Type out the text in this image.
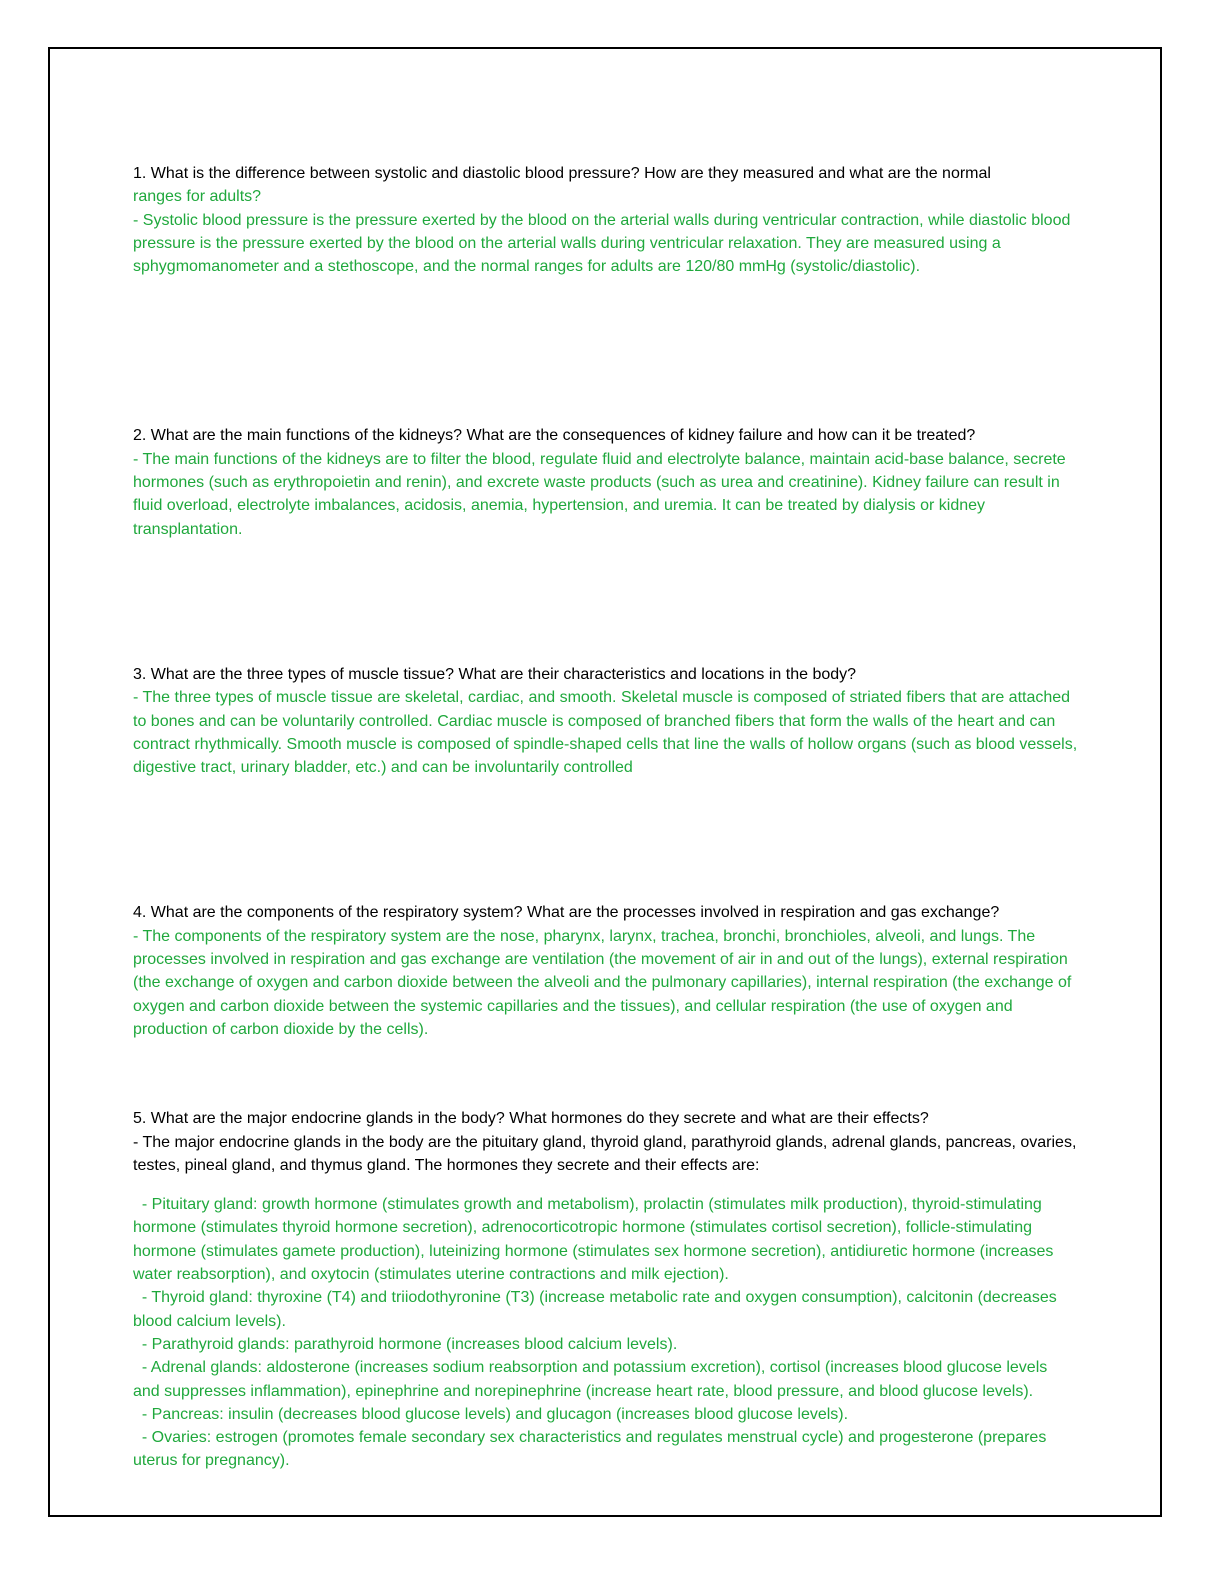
1. What is the difference between systolic and diastolic blood pressure? How are they measured and what are the normal
ranges for adults?

- Systolic blood pressure is the pressure exerted by the blood on the arterial walls during ventricular contraction, while diastolic blood pressure is the pressure exerted by the blood on the arterial walls during ventricular relaxation. They are measured using a sphygmomanometer and a stethoscope, and the normal ranges for adults are 120/80 mmHg (systolic/diastolic).

2. What are the main functions of the kidneys? What are the consequences of kidney failure and how can it be treated?

- The main functions of the kidneys are to filter the blood, regulate fluid and electrolyte balance, maintain acid-base balance, secrete hormones (such as erythropoietin and renin), and excrete waste products (such as urea and creatinine). Kidney failure can result in fluid overload, electrolyte imbalances, acidosis, anemia, hypertension, and uremia. It can be treated by dialysis or kidney transplantation.

3. What are the three types of muscle tissue? What are their characteristics and locations in the body?

- The three types of muscle tissue are skeletal, cardiac, and smooth. Skeletal muscle is composed of striated fibers that are attached to bones and can be voluntarily controlled. Cardiac muscle is composed of branched fibers that form the walls of the heart and can contract rhythmically. Smooth muscle is composed of spindle-shaped cells that line the walls of hollow organs (such as blood vessels, digestive tract, urinary bladder, etc.) and can be involuntarily controlled

4. What are the components of the respiratory system? What are the processes involved in respiration and gas exchange?

- The components of the respiratory system are the nose, pharynx, larynx, trachea, bronchi, bronchioles, alveoli, and lungs. The processes involved in respiration and gas exchange are ventilation (the movement of air in and out of the lungs), external respiration (the exchange of oxygen and carbon dioxide between the alveoli and the pulmonary capillaries), internal respiration (the exchange of oxygen and carbon dioxide between the systemic capillaries and the tissues), and cellular respiration (the use of oxygen and production of carbon dioxide by the cells).

5. What are the major endocrine glands in the body? What hormones do they secrete and what are their effects?

- The major endocrine glands in the body are the pituitary gland, thyroid gland, parathyroid glands, adrenal glands, pancreas, ovaries, testes, pineal gland, and thymus gland. The hormones they secrete and their effects are:

- Pituitary gland: growth hormone (stimulates growth and metabolism), prolactin (stimulates milk production), thyroid-stimulating hormone (stimulates thyroid hormone secretion), adrenocorticotropic hormone (stimulates cortisol secretion), follicle-stimulating hormone (stimulates gamete production), luteinizing hormone (stimulates sex hormone secretion), antidiuretic hormone (increases water reabsorption), and oxytocin (stimulates uterine contractions and milk ejection).

- Thyroid gland: thyroxine (T4) and triiodothyronine (T3) (increase metabolic rate and oxygen consumption), calcitonin (decreases blood calcium levels).

- Parathyroid glands: parathyroid hormone (increases blood calcium levels).

- Adrenal glands: aldosterone (increases sodium reabsorption and potassium excretion), cortisol (increases blood glucose levels and suppresses inflammation), epinephrine and norepinephrine (increase heart rate, blood pressure, and blood glucose levels).

- Pancreas: insulin (decreases blood glucose levels) and glucagon (increases blood glucose levels).

- Ovaries: estrogen (promotes female secondary sex characteristics and regulates menstrual cycle) and progesterone (prepares uterus for pregnancy).
